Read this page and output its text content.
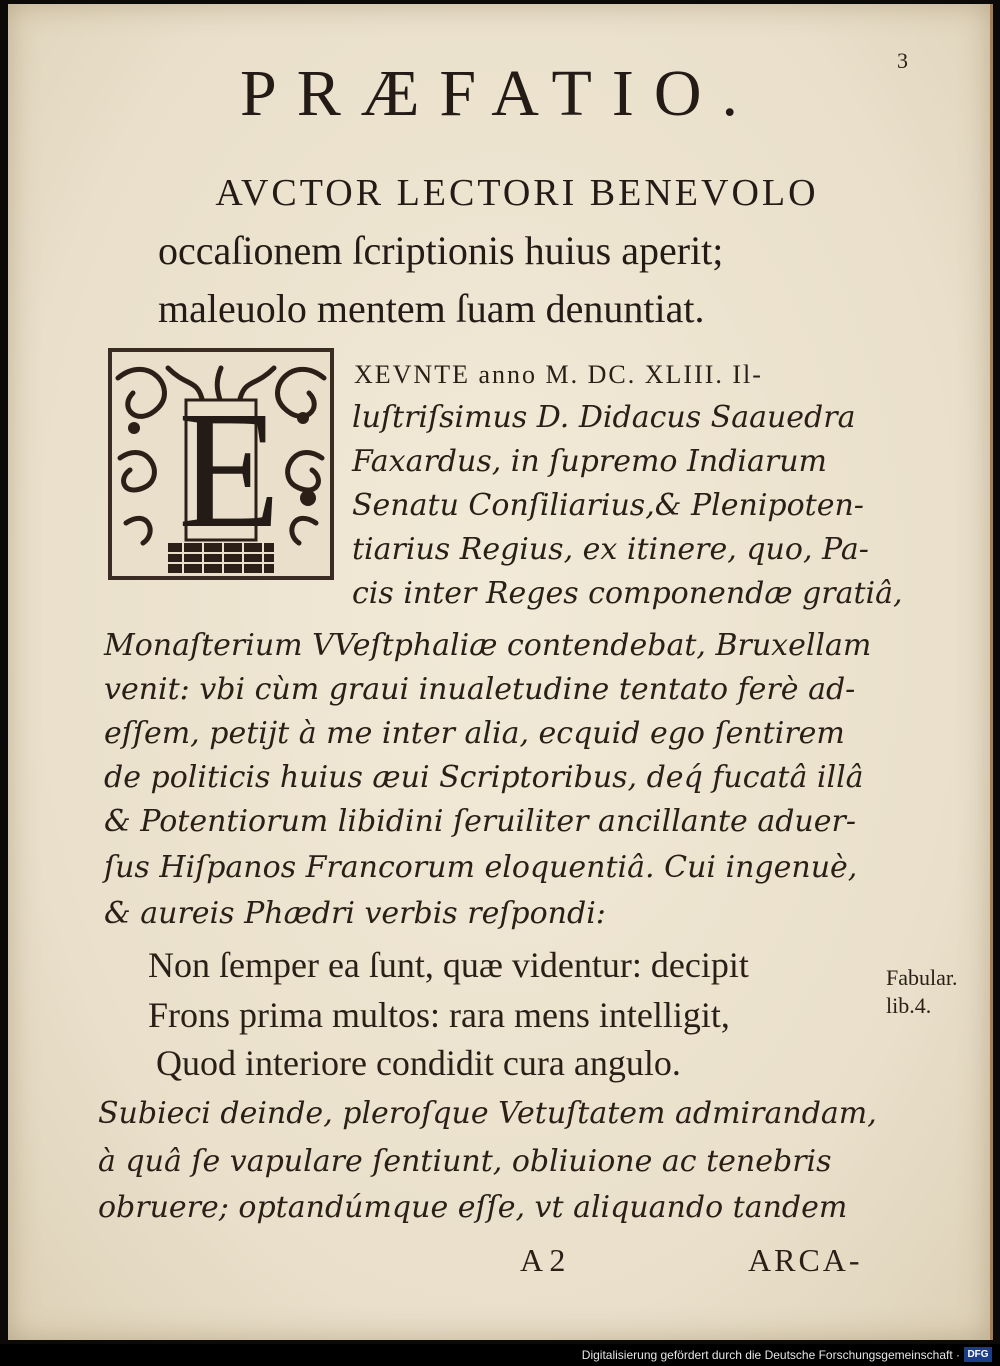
3
PRÆFATIO.
AVCTOR LECTORI BENEVOLO
occaſionem ſcriptionis huius aperit;
maleuolo mentem ſuam denuntiat.
E
XEVNTE anno M. DC. XLIII. Il-
luſtriſsimus D. Didacus Saauedra
Faxardus, in ſupremo Indiarum
Senatu Conſiliarius,& Plenipoten-
tiarius Regius, ex itinere, quo, Pa-
cis inter Reges componendæ gratiâ,
Monaſterium VVeſtphaliæ contendebat, Bruxellam
venit: vbi cùm graui inualetudine tentato ferè ad-
eſſem, petijt à me inter alia, ecquid ego ſentirem
de politicis huius æui Scriptoribus, deq́ fucatâ illâ
& Potentiorum libidini ſeruiliter ancillante aduer-
ſus Hiſpanos Francorum eloquentiâ. Cui ingenuè,
& aureis Phædri verbis reſpondi:
Non ſemper ea ſunt, quæ videntur: decipit
Frons prima multos: rara mens intelligit,
Quod interiore condidit cura angulo.
Fabular.
lib.4.
Subieci deinde, pleroſque Vetuſtatem admirandam,
à quâ ſe vapulare ſentiunt, obliuione ac tenebris
obruere; optandúmque eſſe, vt aliquando tandem
A 2	ARCA-
Digitalisierung gefördert durch die Deutsche Forschungsgemeinschaft · DFG
